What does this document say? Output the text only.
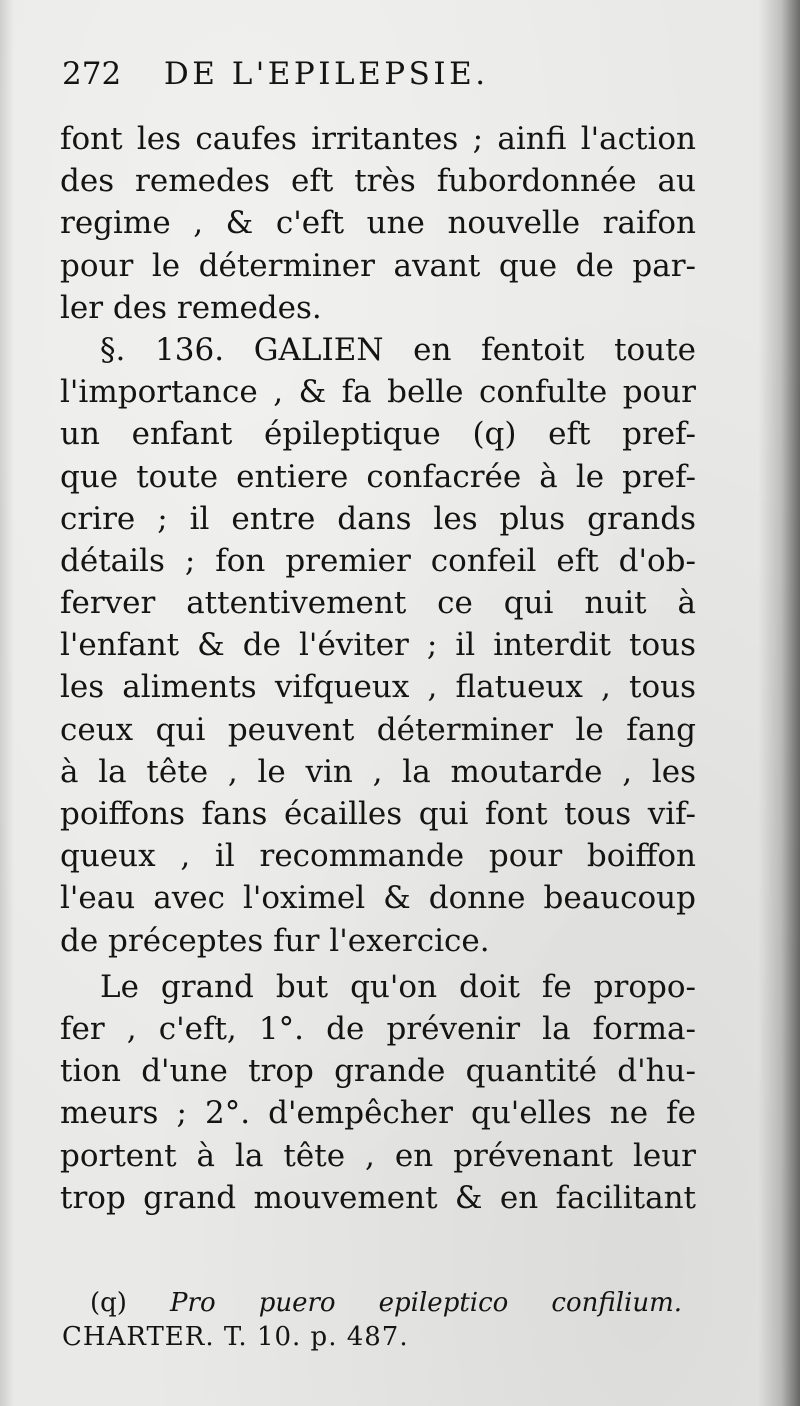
272 DE L'EPILEPSIE.
font les caufes irritantes ; ainfi l'action
des remedes eft très fubordonnée au
regime , & c'eft une nouvelle raifon
pour le déterminer avant que de par-
ler des remedes.
§. 136. GALIEN en fentoit toute
l'importance , & fa belle confulte pour
un enfant épileptique (q) eft pref-
que toute entiere confacrée à le pref-
crire ; il entre dans les plus grands
détails ; fon premier confeil eft d'ob-
ferver attentivement ce qui nuit à
l'enfant & de l'éviter ; il interdit tous
les aliments vifqueux , flatueux , tous
ceux qui peuvent déterminer le fang
à la tête , le vin , la moutarde , les
poiffons fans écailles qui font tous vif-
queux , il recommande pour boiffon
l'eau avec l'oximel & donne beaucoup
de préceptes fur l'exercice.
Le grand but qu'on doit fe propo-
fer , c'eft, 1°. de prévenir la forma-
tion d'une trop grande quantité d'hu-
meurs ; 2°. d'empêcher qu'elles ne fe
portent à la tête , en prévenant leur
trop grand mouvement & en facilitant
(q) Pro puero epileptico confilium.
CHARTER. T. 10. p. 487.
